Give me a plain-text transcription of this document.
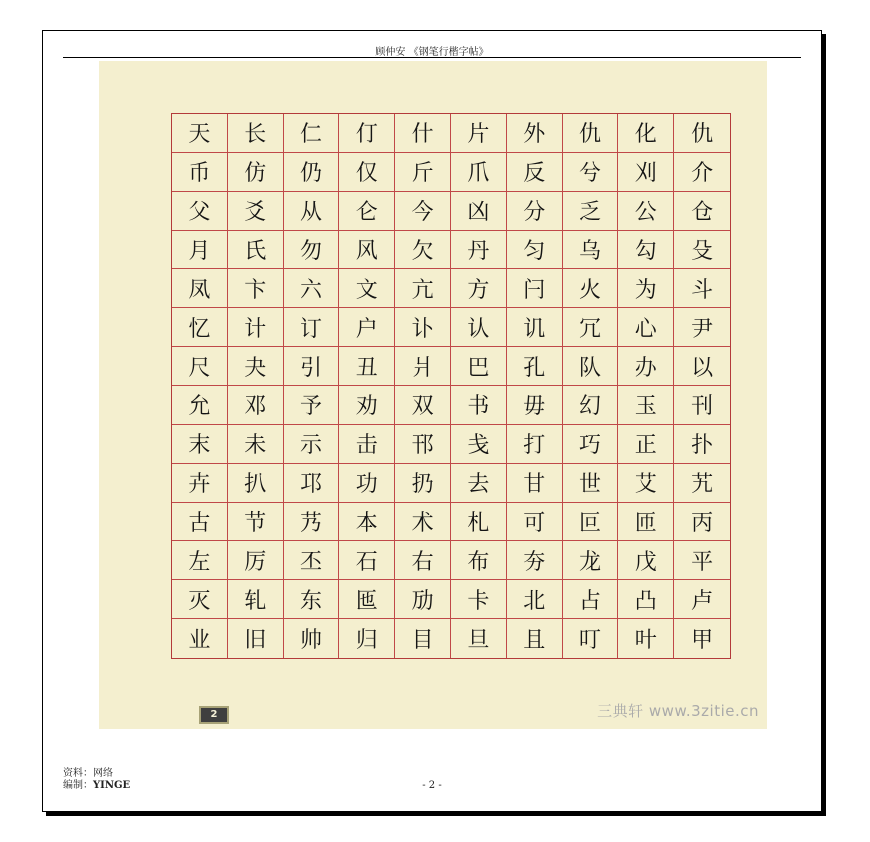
顾仲安 《钢笔行楷字帖》
天	长	仁	仃	什	片	外	仇	化	仇
币	仿	仍	仅	斤	爪	反	兮	刈	介
父	爻	从	仑	今	凶	分	乏	公	仓
月	氏	勿	风	欠	丹	匀	乌	勾	殳
凤	卞	六	文	亢	方	闩	火	为	斗
忆	计	订	户	讣	认	讥	冗	心	尹
尺	夬	引	丑	爿	巴	孔	队	办	以
允	邓	予	劝	双	书	毋	幻	玉	刊
末	未	示	击	邗	戋	打	巧	正	扑
卉	扒	邛	功	扔	去	甘	世	艾	艽
古	节	艿	本	术	札	可	叵	匝	丙
左	厉	丕	石	右	布	夯	龙	戊	平
灭	轧	东	匜	劢	卡	北	占	凸	卢
业	旧	帅	归	目	旦	且	叮	叶	甲
2	三典轩 www.3zitie.cn
资料：网络
编制：YINGE	- 2 -
